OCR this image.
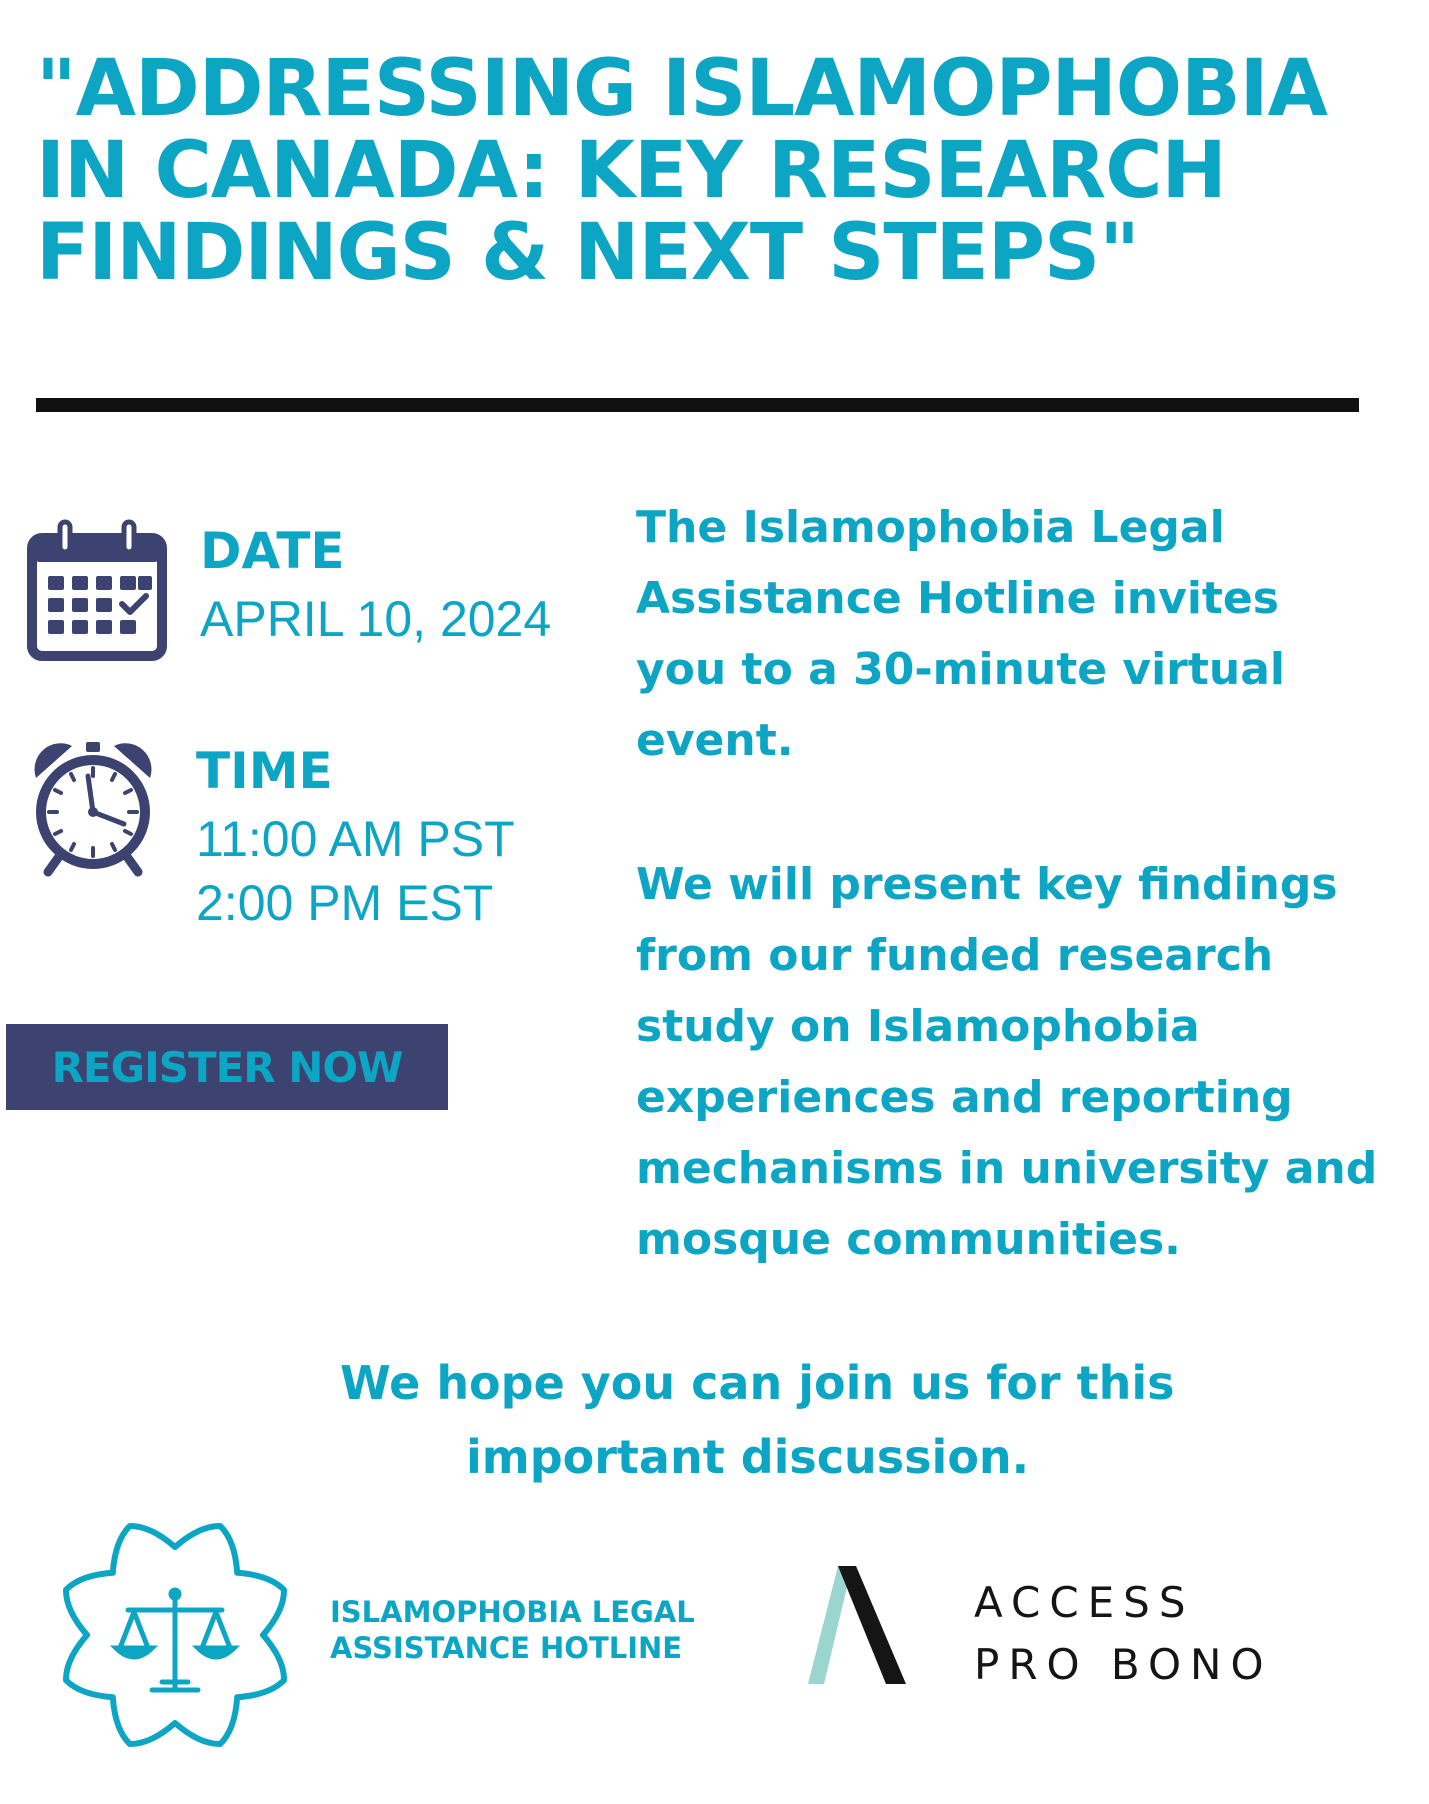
"ADDRESSING ISLAMOPHOBIA
IN CANADA: KEY RESEARCH
FINDINGS & NEXT STEPS"
DATE
APRIL 10, 2024
TIME
11:00 AM PST
2:00 PM EST
REGISTER NOW

The Islamophobia Legal
Assistance Hotline invites
you to a 30-minute virtual
event.

We will present key findings
from our funded research
study on Islamophobia
experiences and reporting
mechanisms in university and
mosque communities.

We hope you can join us for this
important discussion.

ISLAMOPHOBIA LEGAL
ASSISTANCE HOTLINE
ACCESS
PRO BONO
